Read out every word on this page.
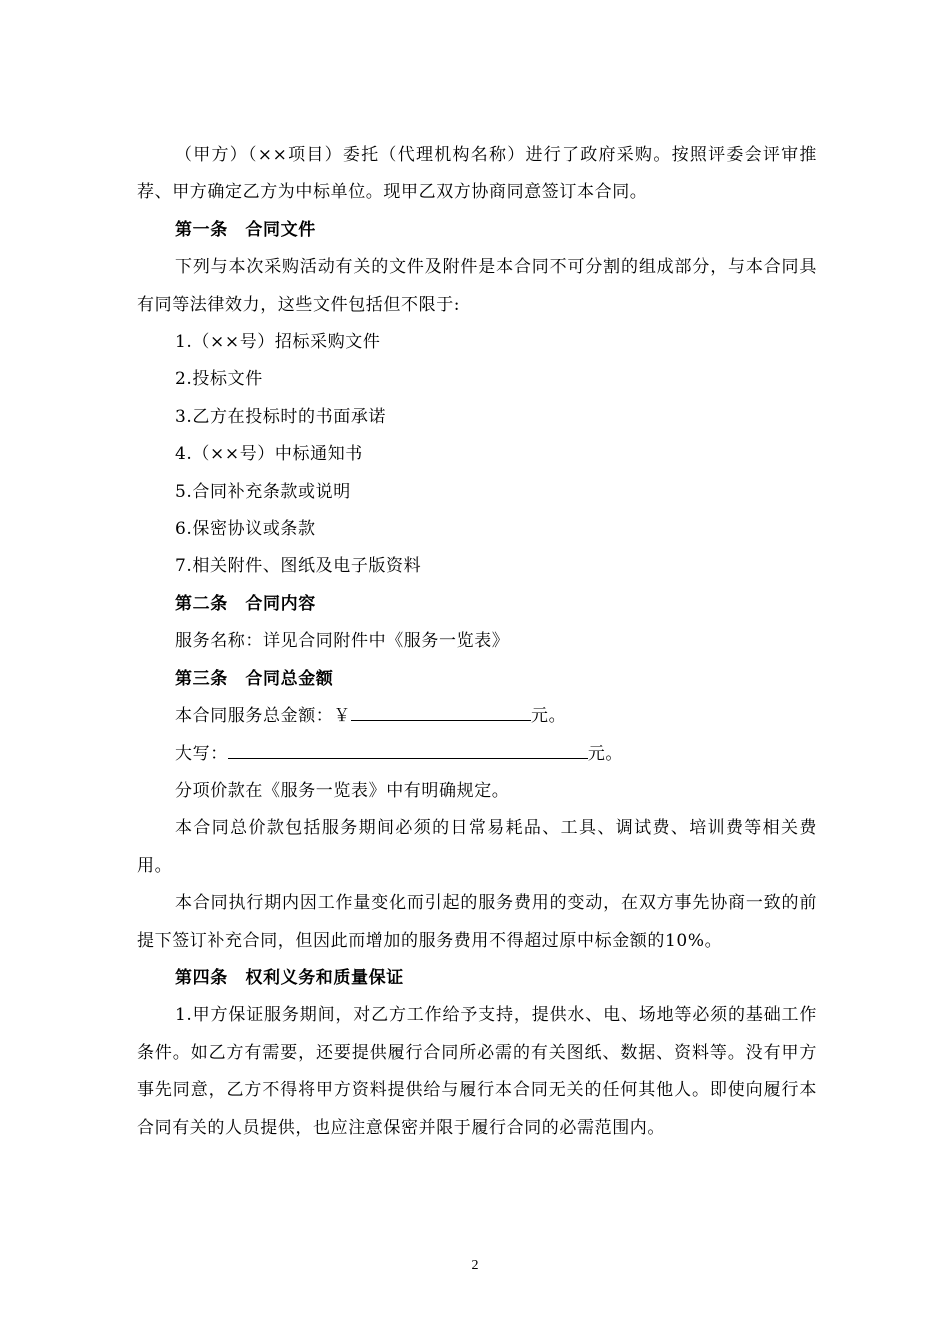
（甲方）（××项目）委托（代理机构名称）进行了政府采购。按照评委会评审推荐、甲方确定乙方为中标单位。现甲乙双方协商同意签订本合同。

第一条　合同文件

下列与本次采购活动有关的文件及附件是本合同不可分割的组成部分，与本合同具有同等法律效力，这些文件包括但不限于:

1.（××号）招标采购文件

2.投标文件

3.乙方在投标时的书面承诺

4.（××号）中标通知书

5.合同补充条款或说明

6.保密协议或条款

7.相关附件、图纸及电子版资料

第二条　合同内容

服务名称：详见合同附件中《服务一览表》

第三条　合同总金额

本合同服务总金额：￥	元。

大写：	元。

分项价款在《服务一览表》中有明确规定。

本合同总价款包括服务期间必须的日常易耗品、工具、调试费、培训费等相关费用。

本合同执行期内因工作量变化而引起的服务费用的变动，在双方事先协商一致的前提下签订补充合同，但因此而增加的服务费用不得超过原中标金额的10%。

第四条　权利义务和质量保证

1.甲方保证服务期间，对乙方工作给予支持，提供水、电、场地等必须的基础工作条件。如乙方有需要，还要提供履行合同所必需的有关图纸、数据、资料等。没有甲方事先同意，乙方不得将甲方资料提供给与履行本合同无关的任何其他人。即使向履行本合同有关的人员提供，也应注意保密并限于履行合同的必需范围内。

2
